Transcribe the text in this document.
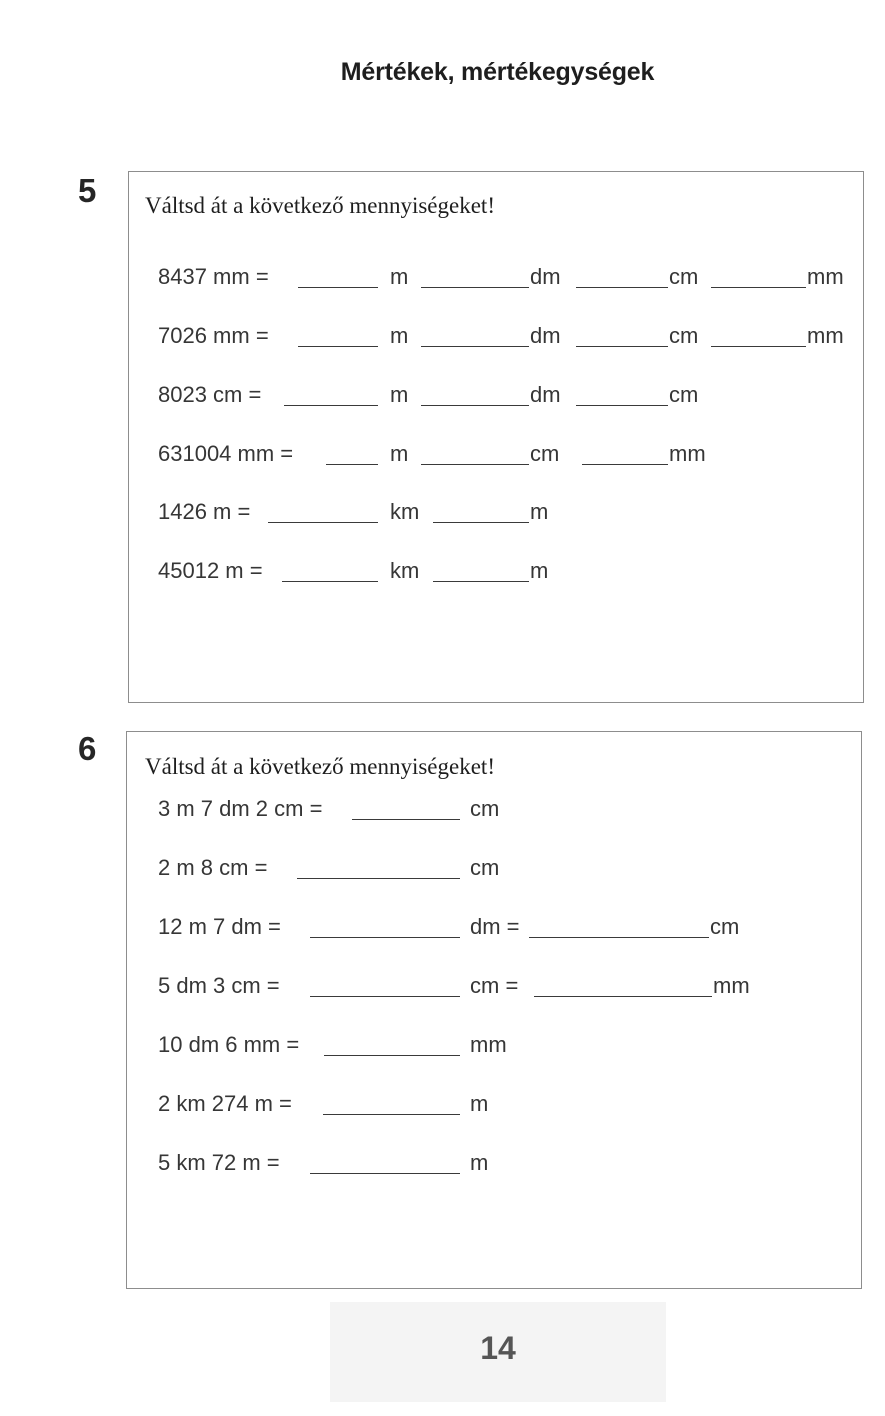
Mértékek, mértékegységek
5 Váltsd át a következő mennyiségeket!
8437 mm =	m	dm	cm	mm
7026 mm =	m	dm	cm	mm
8023 cm =	m	dm	cm
631004 mm =	m	cm	mm
1426 m =	km	m
45012 m =	km	m
6 Váltsd át a következő mennyiségeket!
3 m 7 dm 2 cm =	cm
2 m 8 cm =	cm
12 m 7 dm =	dm =	cm
5 dm 3 cm =	cm =	mm
10 dm 6 mm =	mm
2 km 274 m =	m
5 km 72 m =	m
14
